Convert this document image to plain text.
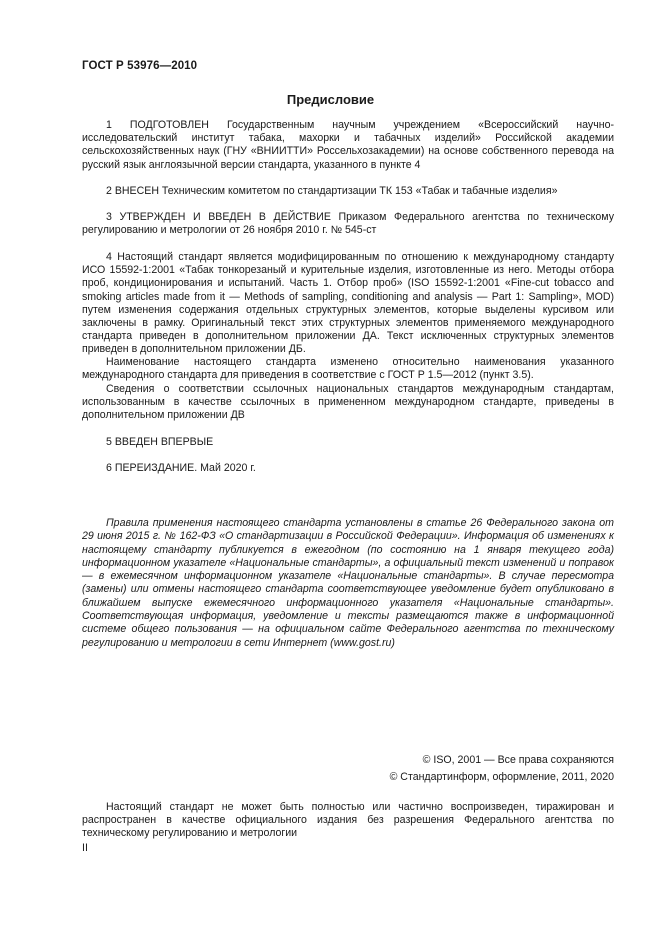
ГОСТ Р 53976—2010
Предисловие

1 ПОДГОТОВЛЕН Государственным научным учреждением «Всероссийский научно-исследовательский институт табака, махорки и табачных изделий» Российской академии сельскохозяйственных наук (ГНУ «ВНИИТТИ» Россельхозакадемии) на основе собственного перевода на русский язык англоязычной версии стандарта, указанного в пункте 4

2 ВНЕСЕН Техническим комитетом по стандартизации ТК 153 «Табак и табачные изделия»

3 УТВЕРЖДЕН И ВВЕДЕН В ДЕЙСТВИЕ Приказом Федерального агентства по техническому регулированию и метрологии от 26 ноября 2010 г. № 545-ст

4 Настоящий стандарт является модифицированным по отношению к международному стандарту ИСО 15592-1:2001 «Табак тонкорезаный и курительные изделия, изготовленные из него. Методы отбора проб, кондиционирования и испытаний. Часть 1. Отбор проб» (ISO 15592-1:2001 «Fine-cut tobacco and smoking articles made from it — Methods of sampling, conditioning and analysis — Part 1: Sampling», MOD) путем изменения содержания отдельных структурных элементов, которые выделены курсивом или заключены в рамку. Оригинальный текст этих структурных элементов применяемого международного стандарта приведен в дополнительном приложении ДА. Текст исключенных структурных элементов приведен в дополнительном приложении ДБ.

Наименование настоящего стандарта изменено относительно наименования указанного международного стандарта для приведения в соответствие с ГОСТ Р 1.5—2012 (пункт 3.5).

Сведения о соответствии ссылочных национальных стандартов международным стандартам, использованным в качестве ссылочных в примененном международном стандарте, приведены в дополнительном приложении ДВ

5 ВВЕДЕН ВПЕРВЫЕ

6 ПЕРЕИЗДАНИЕ. Май 2020 г.

Правила применения настоящего стандарта установлены в статье 26 Федерального закона от 29 июня 2015 г. № 162-ФЗ «О стандартизации в Российской Федерации». Информация об изменениях к настоящему стандарту публикуется в ежегодном (по состоянию на 1 января текущего года) информационном указателе «Национальные стандарты», а официальный текст изменений и поправок — в ежемесячном информационном указателе «Национальные стандарты». В случае пересмотра (замены) или отмены настоящего стандарта соответствующее уведомление будет опубликовано в ближайшем выпуске ежемесячного информационного указателя «Национальные стандарты». Соответствующая информация, уведомление и тексты размещаются также в информационной системе общего пользования — на официальном сайте Федерального агентства по техническому регулированию и метрологии в сети Интернет (www.gost.ru)

© ISO, 2001 — Все права сохраняются
© Стандартинформ, оформление, 2011, 2020

Настоящий стандарт не может быть полностью или частично воспроизведен, тиражирован и распространен в качестве официального издания без разрешения Федерального агентства по техническому регулированию и метрологии

II
